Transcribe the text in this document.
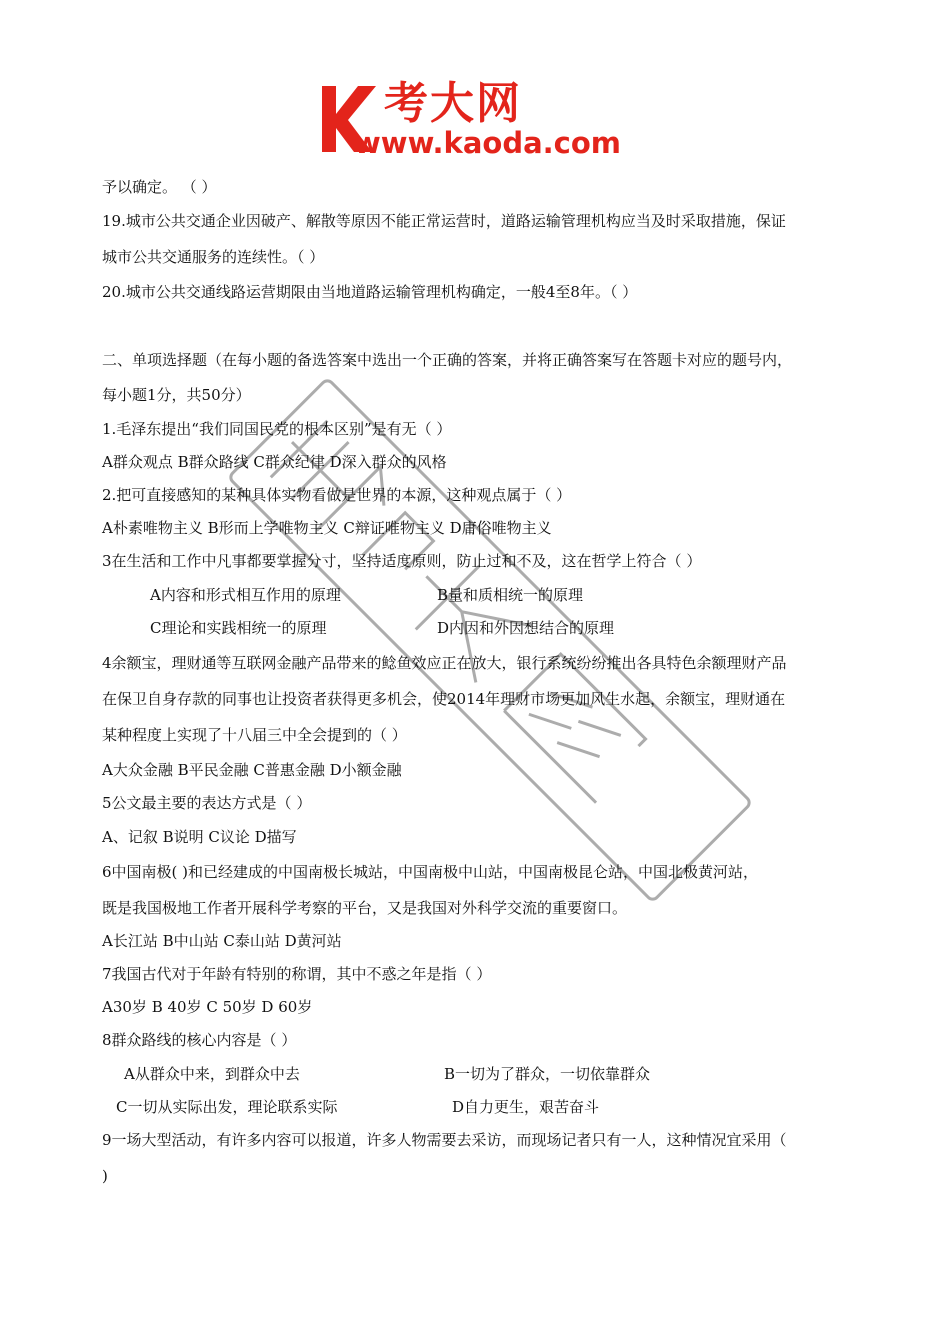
考大网
www.kaoda.com
予以确定。 （ ）
19.城市公共交通企业因破产、解散等原因不能正常运营时，道路运输管理机构应当及时采取措施，保证
城市公共交通服务的连续性。（ ）
20.城市公共交通线路运营期限由当地道路运输管理机构确定，一般4至8年。（ ）
二、单项选择题（在每小题的备选答案中选出一个正确的答案，并将正确答案写在答题卡对应的题号内，
每小题1分，共50分）
1.毛泽东提出“我们同国民党的根本区别”是有无（ ）
A群众观点 B群众路线 C群众纪律 D深入群众的风格
2.把可直接感知的某种具体实物看做是世界的本源，这种观点属于（ ）
A朴素唯物主义 B形而上学唯物主义 C辩证唯物主义 D庸俗唯物主义
3在生活和工作中凡事都要掌握分寸，坚持适度原则，防止过和不及，这在哲学上符合（ ）
A内容和形式相互作用的原理	B量和质相统一的原理
C理论和实践相统一的原理	D内因和外因想结合的原理
4余额宝，理财通等互联网金融产品带来的鲶鱼效应正在放大，银行系统纷纷推出各具特色余额理财产品
在保卫自身存款的同事也让投资者获得更多机会，使2014年理财市场更加风生水起，余额宝，理财通在
某种程度上实现了十八届三中全会提到的（ ）
A大众金融 B平民金融 C普惠金融 D小额金融
5公文最主要的表达方式是（ ）
A、记叙 B说明 C议论 D描写
6中国南极( )和已经建成的中国南极长城站，中国南极中山站，中国南极昆仑站，中国北极黄河站，
既是我国极地工作者开展科学考察的平台，又是我国对外科学交流的重要窗口。
A长江站 B中山站 C泰山站 D黄河站
7我国古代对于年龄有特别的称谓，其中不惑之年是指（ ）
A30岁 B 40岁 C 50岁 D 60岁
8群众路线的核心内容是（ ）
A从群众中来，到群众中去	B一切为了群众，一切依靠群众
C一切从实际出发，理论联系实际	D自力更生，艰苦奋斗
9一场大型活动，有许多内容可以报道，许多人物需要去采访，而现场记者只有一人，这种情况宜采用（
)
